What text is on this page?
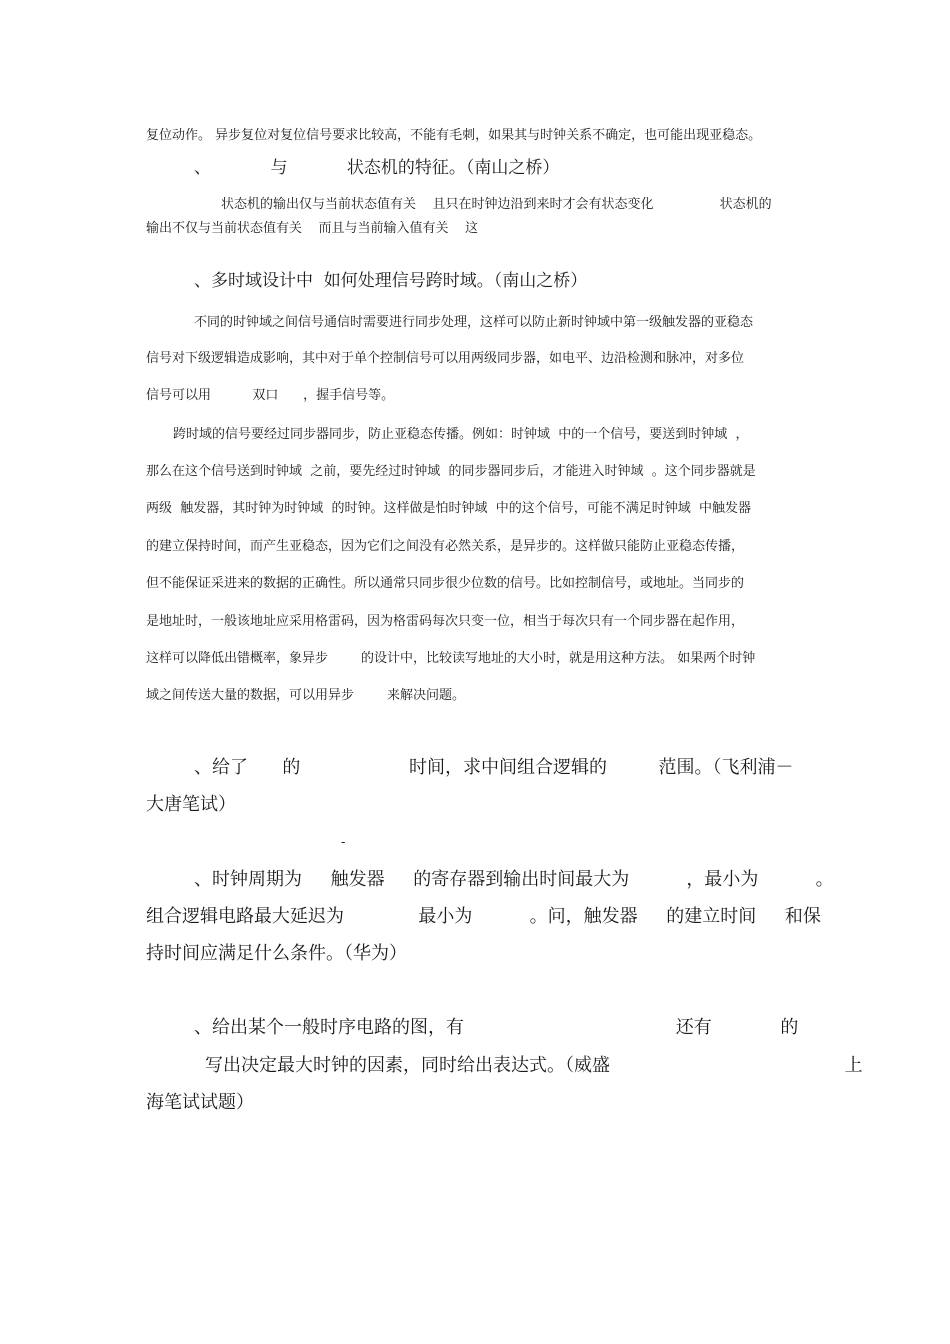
复位动作。 异步复位对复位信号要求比较高，不能有毛刺，如果其与时钟关系不确定，也可能出现亚稳态。
、           与           状态机的特征。（南山之桥）
状态机的输出仅与当前状态值有关    且只在时钟边沿到来时才会有状态变化                状态机的
输出不仅与当前状态值有关    而且与当前输入值有关    这
、多时域设计中  如何处理信号跨时域。（南山之桥）
不同的时钟域之间信号通信时需要进行同步处理，这样可以防止新时钟域中第一级触发器的亚稳态
信号对下级逻辑造成影响，其中对于单个控制信号可以用两级同步器，如电平、边沿检测和脉冲，对多位
信号可以用          双口      ，握手信号等。
跨时域的信号要经过同步器同步，防止亚稳态传播。例如：时钟域  中的一个信号，要送到时钟域  ，
那么在这个信号送到时钟域  之前，要先经过时钟域  的同步器同步后，才能进入时钟域  。这个同步器就是
两级  触发器，其时钟为时钟域  的时钟。这样做是怕时钟域  中的这个信号，可能不满足时钟域  中触发器
的建立保持时间，而产生亚稳态，因为它们之间没有必然关系，是异步的。这样做只能防止亚稳态传播，
但不能保证采进来的数据的正确性。所以通常只同步很少位数的信号。比如控制信号，或地址。当同步的
是地址时，一般该地址应采用格雷码，因为格雷码每次只变一位，相当于每次只有一个同步器在起作用，
这样可以降低出错概率，象异步        的设计中，比较读写地址的大小时，就是用这种方法。 如果两个时钟
域之间传送大量的数据，可以用异步        来解决问题。
、给了      的                   时间，求中间组合逻辑的         范围。（飞利浦－
大唐笔试）
-
、时钟周期为     触发器     的寄存器到输出时间最大为          ，最小为          。
组合逻辑电路最大延迟为             最小为          。问，触发器     的建立时间     和保
持时间应满足什么条件。（华为）
、给出某个一般时序电路的图，有                                     还有            的
写出决定最大时钟的因素，同时给出表达式。（威盛                                         上
海笔试试题）
